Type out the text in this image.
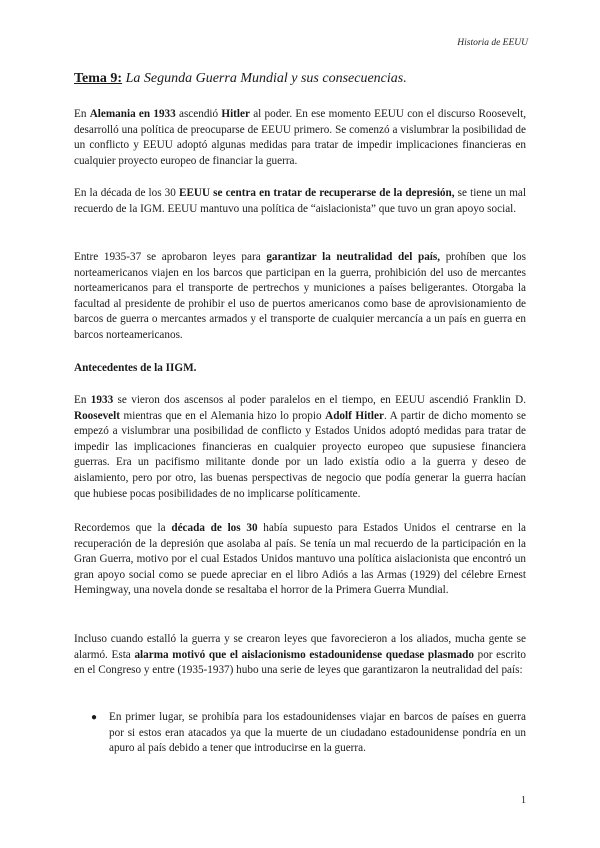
Historia de EEUU
Tema 9: La Segunda Guerra Mundial y sus consecuencias.

En Alemania en 1933 ascendió Hitler al poder. En ese momento EEUU con el discurso Roosevelt, desarrolló una política de preocuparse de EEUU primero. Se comenzó a vislumbrar la posibilidad de un conflicto y EEUU adoptó algunas medidas para tratar de impedir implicaciones financieras en cualquier proyecto europeo de financiar la guerra.

En la década de los 30 EEUU se centra en tratar de recuperarse de la depresión, se tiene un mal recuerdo de la IGM. EEUU mantuvo una política de “aislacionista” que tuvo un gran apoyo social.

Entre 1935-37 se aprobaron leyes para garantizar la neutralidad del país, prohíben que los norteamericanos viajen en los barcos que participan en la guerra, prohibición del uso de mercantes norteamericanos para el transporte de pertrechos y municiones a países beligerantes. Otorgaba la facultad al presidente de prohibir el uso de puertos americanos como base de aprovisionamiento de barcos de guerra o mercantes armados y el transporte de cualquier mercancía a un país en guerra en barcos norteamericanos.

Antecedentes de la IIGM.

En 1933 se vieron dos ascensos al poder paralelos en el tiempo, en EEUU ascendió Franklin D. Roosevelt mientras que en el Alemania hizo lo propio Adolf Hitler. A partir de dicho momento se empezó a vislumbrar una posibilidad de conflicto y Estados Unidos adoptó medidas para tratar de impedir las implicaciones financieras en cualquier proyecto europeo que supusiese financiera guerras. Era un pacifismo militante donde por un lado existía odio a la guerra y deseo de aislamiento, pero por otro, las buenas perspectivas de negocio que podía generar la guerra hacían que hubiese pocas posibilidades de no implicarse políticamente.

Recordemos que la década de los 30 había supuesto para Estados Unidos el centrarse en la recuperación de la depresión que asolaba al país. Se tenía un mal recuerdo de la participación en la Gran Guerra, motivo por el cual Estados Unidos mantuvo una política aislacionista que encontró un gran apoyo social como se puede apreciar en el libro Adiós a las Armas (1929) del célebre Ernest Hemingway, una novela donde se resaltaba el horror de la Primera Guerra Mundial.

Incluso cuando estalló la guerra y se crearon leyes que favorecieron a los aliados, mucha gente se alarmó. Esta alarma motivó que el aislacionismo estadounidense quedase plasmado por escrito en el Congreso y entre (1935-1937) hubo una serie de leyes que garantizaron la neutralidad del país:

● En primer lugar, se prohibía para los estadounidenses viajar en barcos de países en guerra por si estos eran atacados ya que la muerte de un ciudadano estadounidense pondría en un apuro al país debido a tener que introducirse en la guerra.

1
